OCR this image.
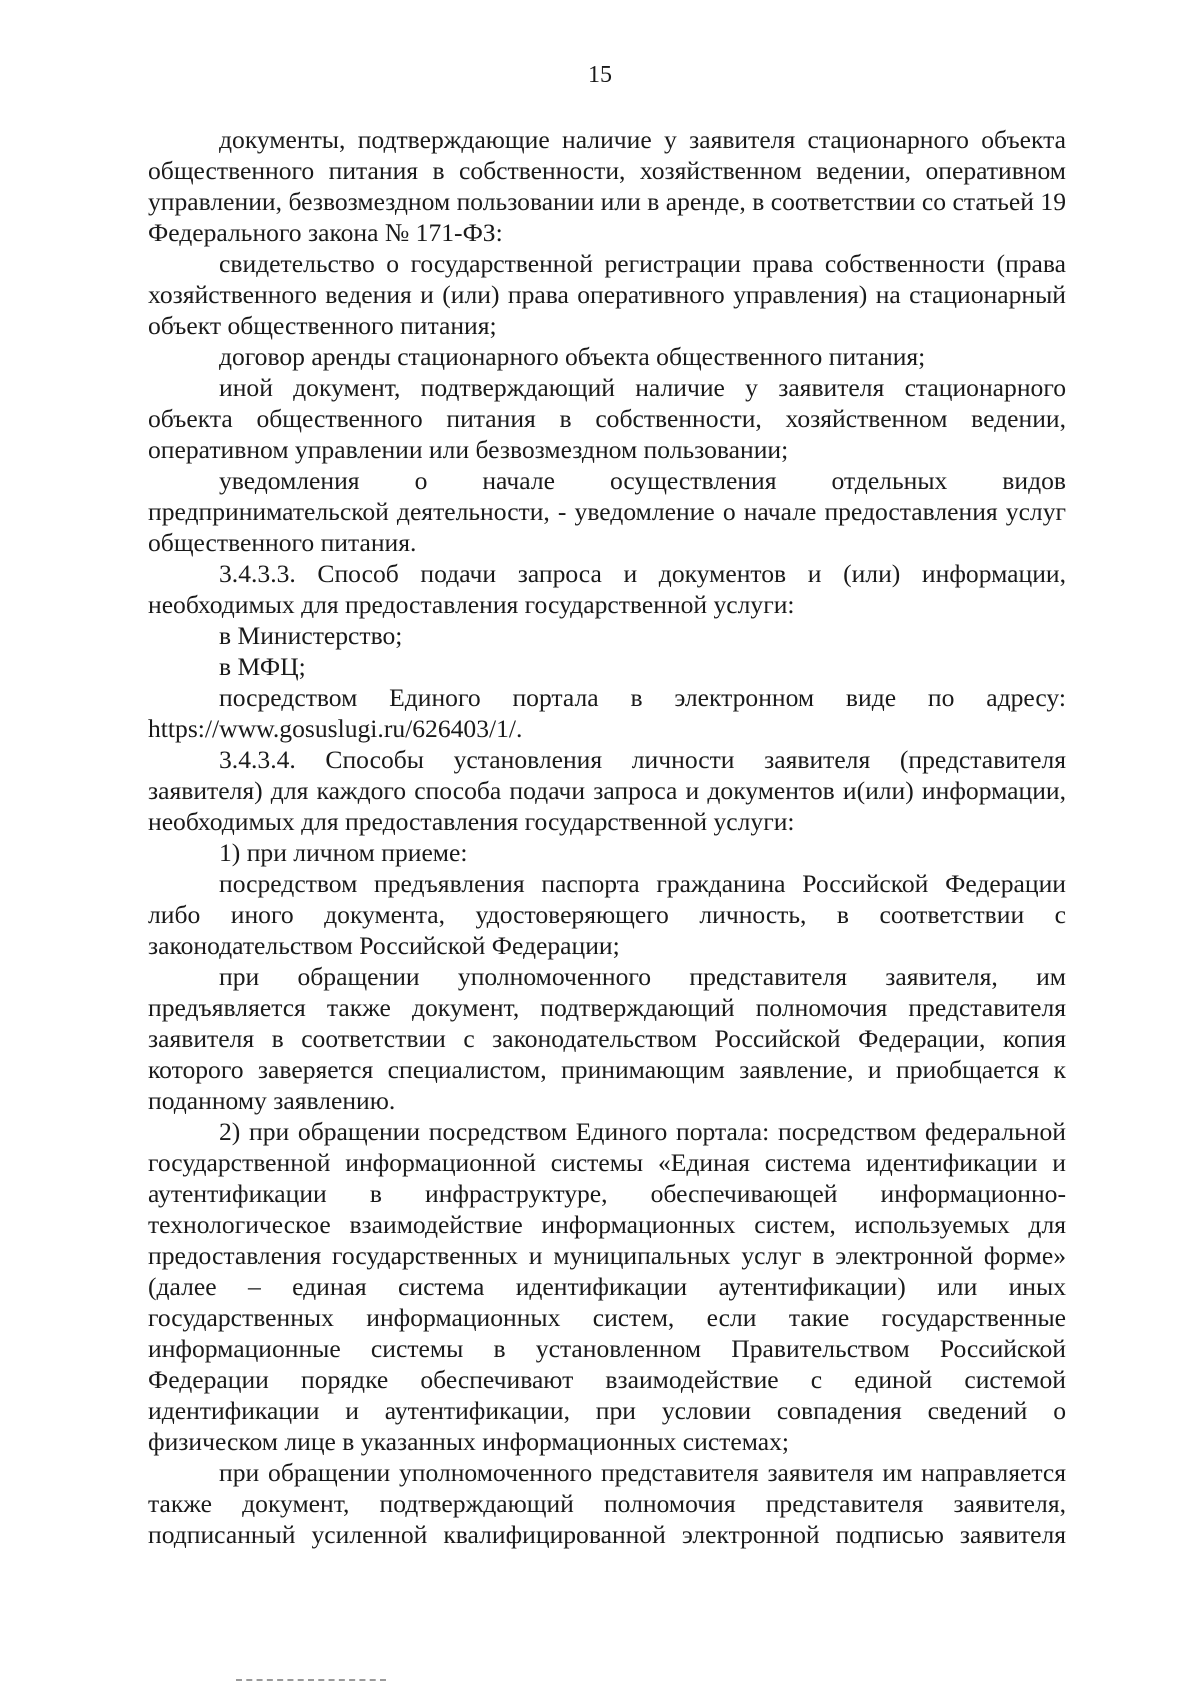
15

документы, подтверждающие наличие у заявителя стационарного объекта общественного питания в собственности, хозяйственном ведении, оперативном управлении, безвозмездном пользовании или в аренде, в соответствии со статьей 19 Федерального закона № 171-ФЗ:

свидетельство о государственной регистрации права собственности (права хозяйственного ведения и (или) права оперативного управления) на стационарный объект общественного питания;

договор аренды стационарного объекта общественного питания;

иной документ, подтверждающий наличие у заявителя стационарного объекта общественного питания в собственности, хозяйственном ведении, оперативном управлении или безвозмездном пользовании;

уведомления о начале осуществления отдельных видов предпринимательской деятельности, - уведомление о начале предоставления услуг общественного питания.

3.4.3.3. Способ подачи запроса и документов и (или) информации, необходимых для предоставления государственной услуги:

в Министерство;

в МФЦ;

посредством Единого портала в электронном виде по адресу: https://www.gosuslugi.ru/626403/1/.

3.4.3.4. Способы установления личности заявителя (представителя заявителя) для каждого способа подачи запроса и документов и(или) информации, необходимых для предоставления государственной услуги:

1) при личном приеме:

посредством предъявления паспорта гражданина Российской Федерации либо иного документа, удостоверяющего личность, в соответствии с законодательством Российской Федерации;

при обращении уполномоченного представителя заявителя, им предъявляется также документ, подтверждающий полномочия представителя заявителя в соответствии с законодательством Российской Федерации, копия которого заверяется специалистом, принимающим заявление, и приобщается к поданному заявлению.

2) при обращении посредством Единого портала: посредством федеральной государственной информационной системы «Единая система идентификации и аутентификации в инфраструктуре, обеспечивающей информационно-технологическое взаимодействие информационных систем, используемых для предоставления государственных и муниципальных услуг в электронной форме» (далее – единая система идентификации аутентификации) или иных государственных информационных систем, если такие государственные информационные системы в установленном Правительством Российской Федерации порядке обеспечивают взаимодействие с единой системой идентификации и аутентификации, при условии совпадения сведений о физическом лице в указанных информационных системах;

при обращении уполномоченного представителя заявителя им направляется также документ, подтверждающий полномочия представителя заявителя, подписанный усиленной квалифицированной электронной подписью заявителя
